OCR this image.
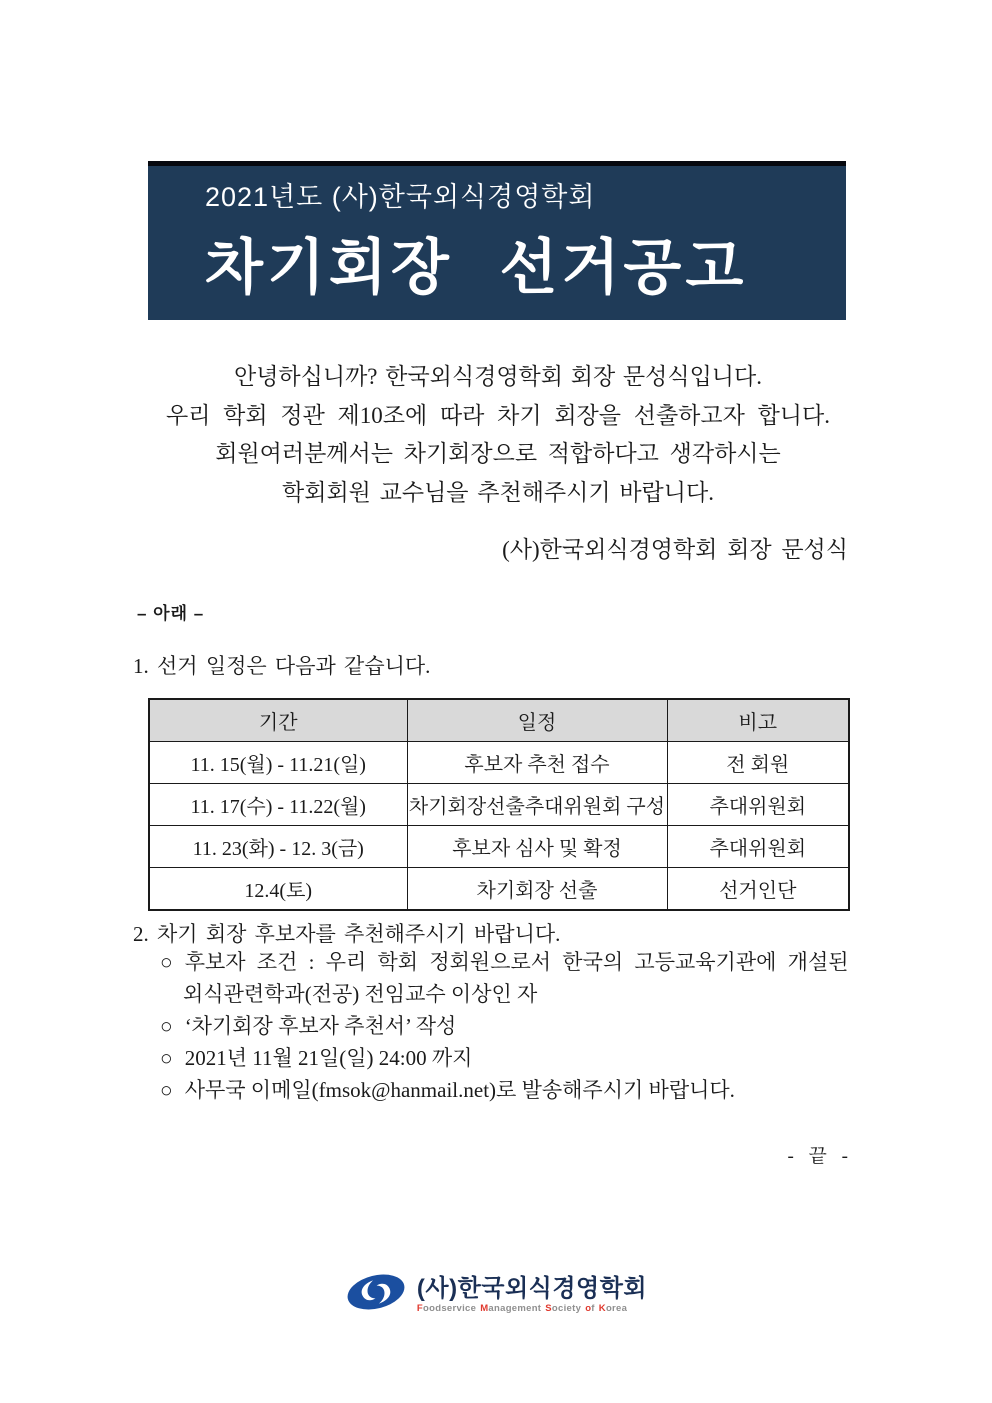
2021년도 (사)한국외식경영학회
차기회장 선거공고
안녕하십니까? 한국외식경영학회 회장 문성식입니다.
우리 학회 정관 제10조에 따라 차기 회장을 선출하고자 합니다.
회원여러분께서는 차기회장으로 적합하다고 생각하시는
학회회원 교수님을 추천해주시기 바랍니다.
(사)한국외식경영학회 회장 문성식
– 아래 –
1. 선거 일정은 다음과 같습니다.
기간	일정	비고
11. 15(월) - 11.21(일)	후보자 추천 접수	전 회원
11. 17(수) - 11.22(월)	차기회장선출추대위원회 구성	추대위원회
11. 23(화) - 12. 3(금)	후보자 심사 및 확정	추대위원회
12.4(토)	차기회장 선출	선거인단
2. 차기 회장 후보자를 추천해주시기 바랍니다.
○ 후보자 조건 : 우리 학회 정회원으로서 한국의 고등교육기관에 개설된
외식관련학과(전공) 전임교수 이상인 자
○ ‘차기회장 후보자 추천서’ 작성
○ 2021년 11월 21일(일) 24:00 까지
○ 사무국 이메일(fmsok@hanmail.net)로 발송해주시기 바랍니다.
- 끝 -
(사)한국외식경영학회
Foodservice Management Society of Korea
